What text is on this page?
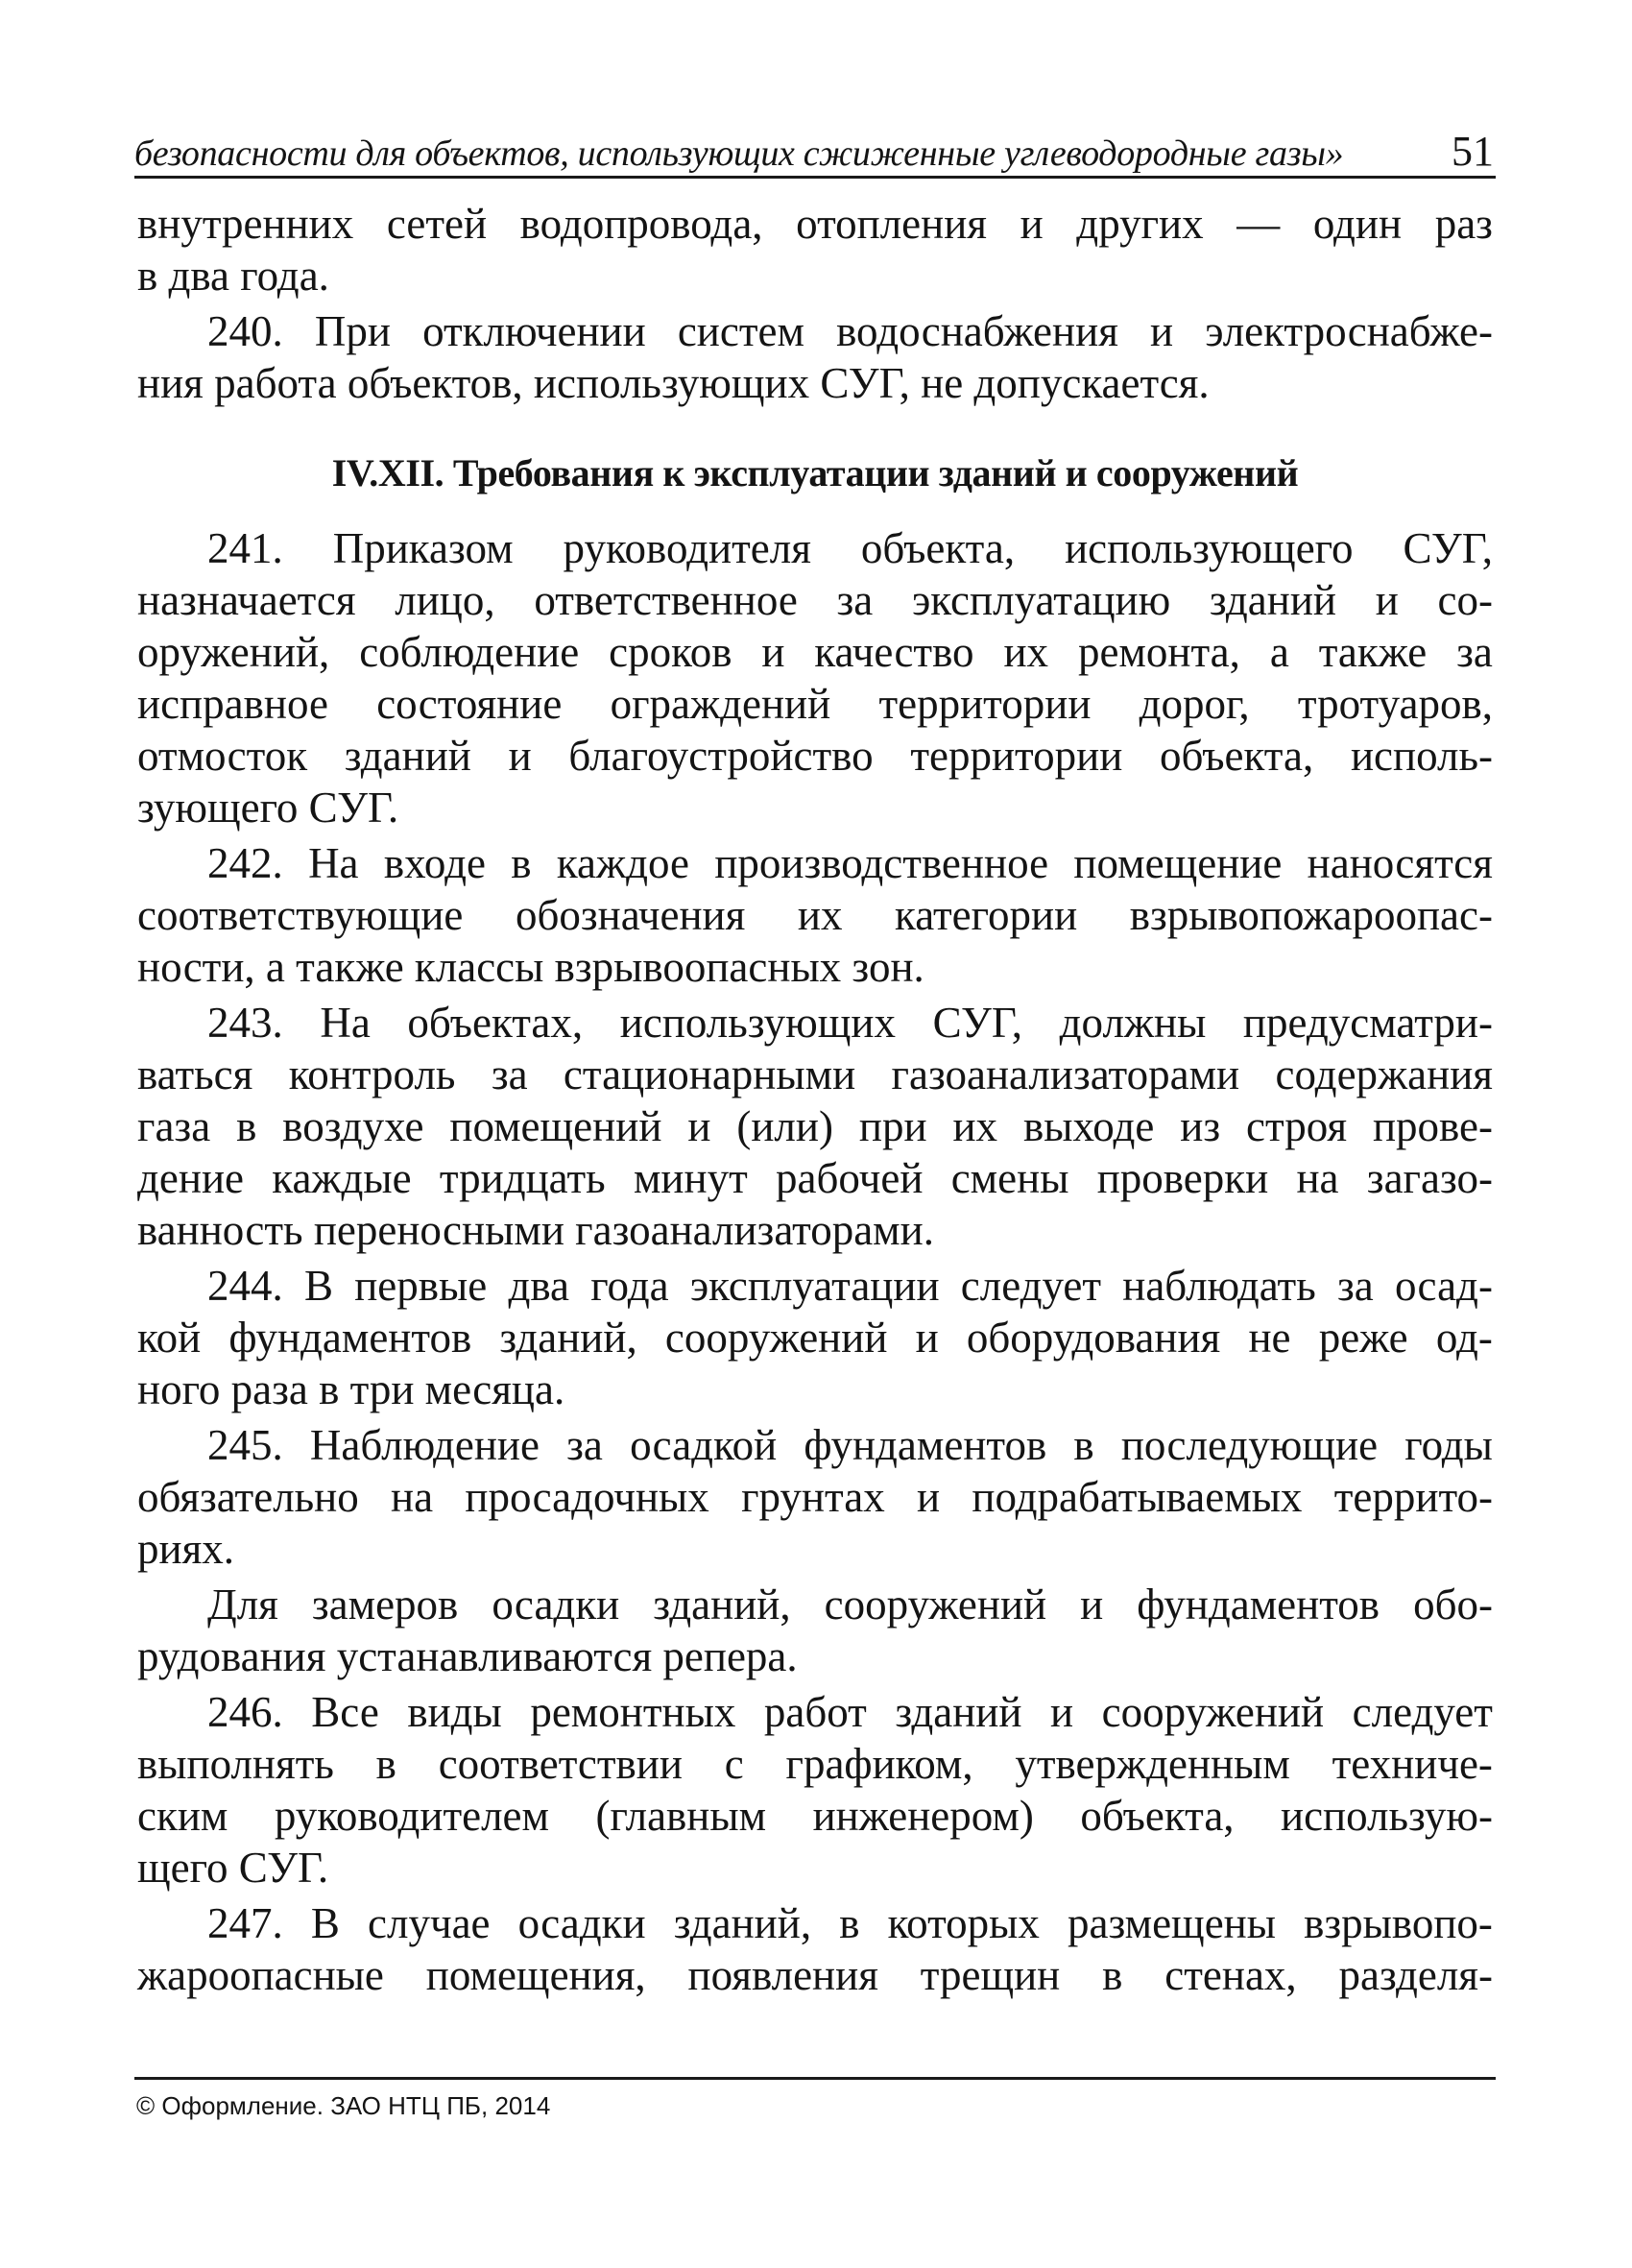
безопасности для объектов, использующих сжиженные углеводородные газы»	51
внутренних сетей водопровода, отопления и других — один раз
в два года.
240. При отключении систем водоснабжения и электроснабже-
ния работа объектов, использующих СУГ, не допускается.
IV.XII. Требования к эксплуатации зданий и сооружений
241. Приказом руководителя объекта, использующего СУГ,
назначается лицо, ответственное за эксплуатацию зданий и со-
оружений, соблюдение сроков и качество их ремонта, а также за
исправное состояние ограждений территории дорог, тротуаров,
отмосток зданий и благоустройство территории объекта, исполь-
зующего СУГ.
242. На входе в каждое производственное помещение наносятся
соответствующие обозначения их категории взрывопожароопас-
ности, а также классы взрывоопасных зон.
243. На объектах, использующих СУГ, должны предусматри-
ваться контроль за стационарными газоанализаторами содержания
газа в воздухе помещений и (или) при их выходе из строя прове-
дение каждые тридцать минут рабочей смены проверки на загазо-
ванность переносными газоанализаторами.
244. В первые два года эксплуатации следует наблюдать за осад-
кой фундаментов зданий, сооружений и оборудования не реже од-
ного раза в три месяца.
245. Наблюдение за осадкой фундаментов в последующие годы
обязательно на просадочных грунтах и подрабатываемых террито-
риях.
Для замеров осадки зданий, сооружений и фундаментов обо-
рудования устанавливаются репера.
246. Все виды ремонтных работ зданий и сооружений следует
выполнять в соответствии с графиком, утвержденным техниче-
ским руководителем (главным инженером) объекта, использую-
щего СУГ.
247. В случае осадки зданий, в которых размещены взрывопо-
жароопасные помещения, появления трещин в стенах, разделя-
© Оформление. ЗАО НТЦ ПБ, 2014
